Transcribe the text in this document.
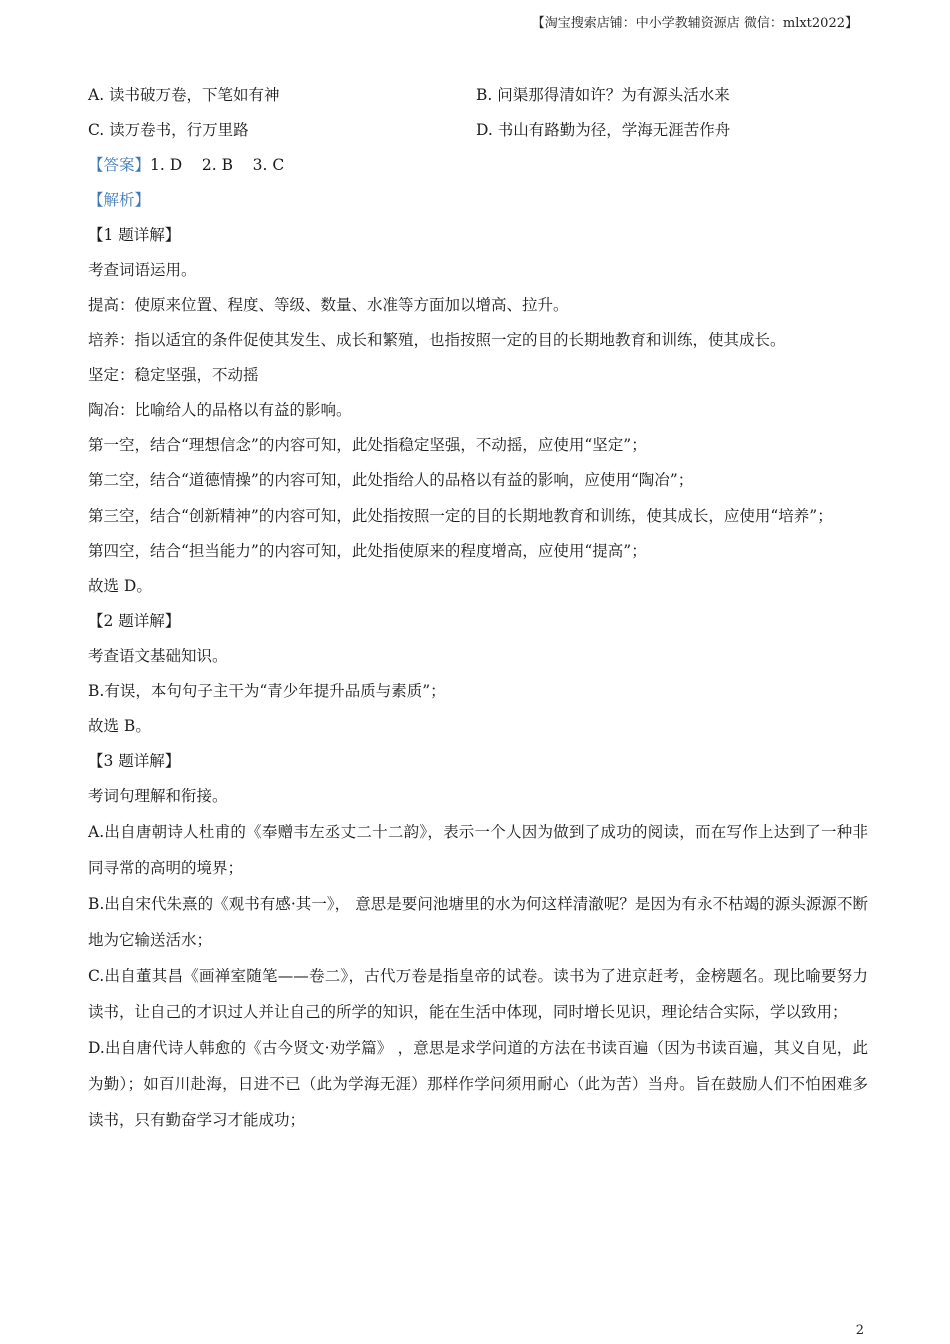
【淘宝搜索店铺：中小学教辅资源店 微信：mlxt2022】
A. 读书破万卷，下笔如有神	B. 问渠那得清如许？为有源头活水来
C. 读万卷书，行万里路	D. 书山有路勤为径，学海无涯苦作舟
【答案】1. D    2. B    3. C
【解析】
【1 题详解】
考查词语运用。
提高：使原来位置、程度、等级、数量、水准等方面加以增高、拉升。
培养：指以适宜的条件促使其发生、成长和繁殖，也指按照一定的目的长期地教育和训练，使其成长。
坚定：稳定坚强，不动摇
陶冶：比喻给人的品格以有益的影响。
第一空，结合“理想信念”的内容可知，此处指稳定坚强，不动摇，应使用“坚定”；
第二空，结合“道德情操”的内容可知，此处指给人的品格以有益的影响，应使用“陶冶”；
第三空，结合“创新精神”的内容可知，此处指按照一定的目的长期地教育和训练，使其成长，应使用“培养”；
第四空，结合“担当能力”的内容可知，此处指使原来的程度增高，应使用“提高”；
故选 D。
【2 题详解】
考查语文基础知识。
B.有误，本句句子主干为“青少年提升品质与素质”；
故选 B。
【3 题详解】
考词句理解和衔接。
A.出自唐朝诗人杜甫的《奉赠韦左丞丈二十二韵》，表示一个人因为做到了成功的阅读，而在写作上达到了一种非同寻常的高明的境界；
B.出自宋代朱熹的《观书有感·其一》， 意思是要问池塘里的水为何这样清澈呢？是因为有永不枯竭的源头源源不断地为它输送活水；
C.出自董其昌《画禅室随笔——卷二》，古代万卷是指皇帝的试卷。读书为了进京赶考，金榜题名。现比喻要努力读书，让自己的才识过人并让自己的所学的知识，能在生活中体现，同时增长见识，理论结合实际，学以致用；
D.出自唐代诗人韩愈的《古今贤文·劝学篇》 ，意思是求学问道的方法在书读百遍（因为书读百遍，其义自见，此为勤）；如百川赴海，日进不已（此为学海无涯）那样作学问须用耐心（此为苦）当舟。旨在鼓励人们不怕困难多读书，只有勤奋学习才能成功；
2
